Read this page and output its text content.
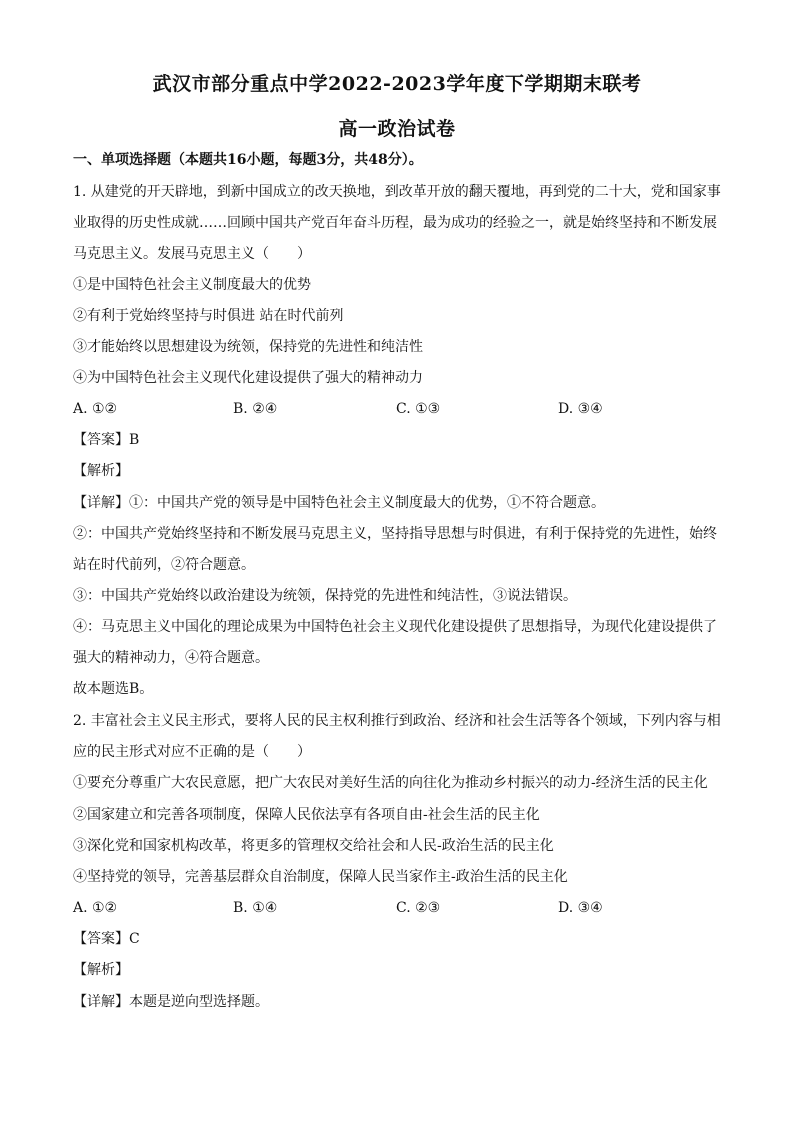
武汉市部分重点中学2022-2023学年度下学期期末联考
高一政治试卷
一、单项选择题（本题共16小题，每题3分，共48分）。
1. 从建党的开天辟地，到新中国成立的改天换地，到改革开放的翻天覆地，再到党的二十大，党和国家事
业取得的历史性成就……回顾中国共产党百年奋斗历程，最为成功的经验之一，就是始终坚持和不断发展
马克思主义。发展马克思主义（　　）
①是中国特色社会主义制度最大的优势
②有利于党始终坚持与时俱进 站在时代前列
③才能始终以思想建设为统领，保持党的先进性和纯洁性
④为中国特色社会主义现代化建设提供了强大的精神动力
A. ①②	B. ②④	C. ①③	D. ③④
【答案】B
【解析】
【详解】①：中国共产党的领导是中国特色社会主义制度最大的优势，①不符合题意。
②：中国共产党始终坚持和不断发展马克思主义，坚持指导思想与时俱进，有利于保持党的先进性，始终
站在时代前列，②符合题意。
③：中国共产党始终以政治建设为统领，保持党的先进性和纯洁性，③说法错误。
④：马克思主义中国化的理论成果为中国特色社会主义现代化建设提供了思想指导，为现代化建设提供了
强大的精神动力，④符合题意。
故本题选B。
2. 丰富社会主义民主形式，要将人民的民主权利推行到政治、经济和社会生活等各个领域，下列内容与相
应的民主形式对应不正确的是（　　）
①要充分尊重广大农民意愿，把广大农民对美好生活的向往化为推动乡村振兴的动力-经济生活的民主化
②国家建立和完善各项制度，保障人民依法享有各项自由-社会生活的民主化
③深化党和国家机构改革，将更多的管理权交给社会和人民-政治生活的民主化
④坚持党的领导，完善基层群众自治制度，保障人民当家作主-政治生活的民主化
A. ①②	B. ①④	C. ②③	D. ③④
【答案】C
【解析】
【详解】本题是逆向型选择题。
